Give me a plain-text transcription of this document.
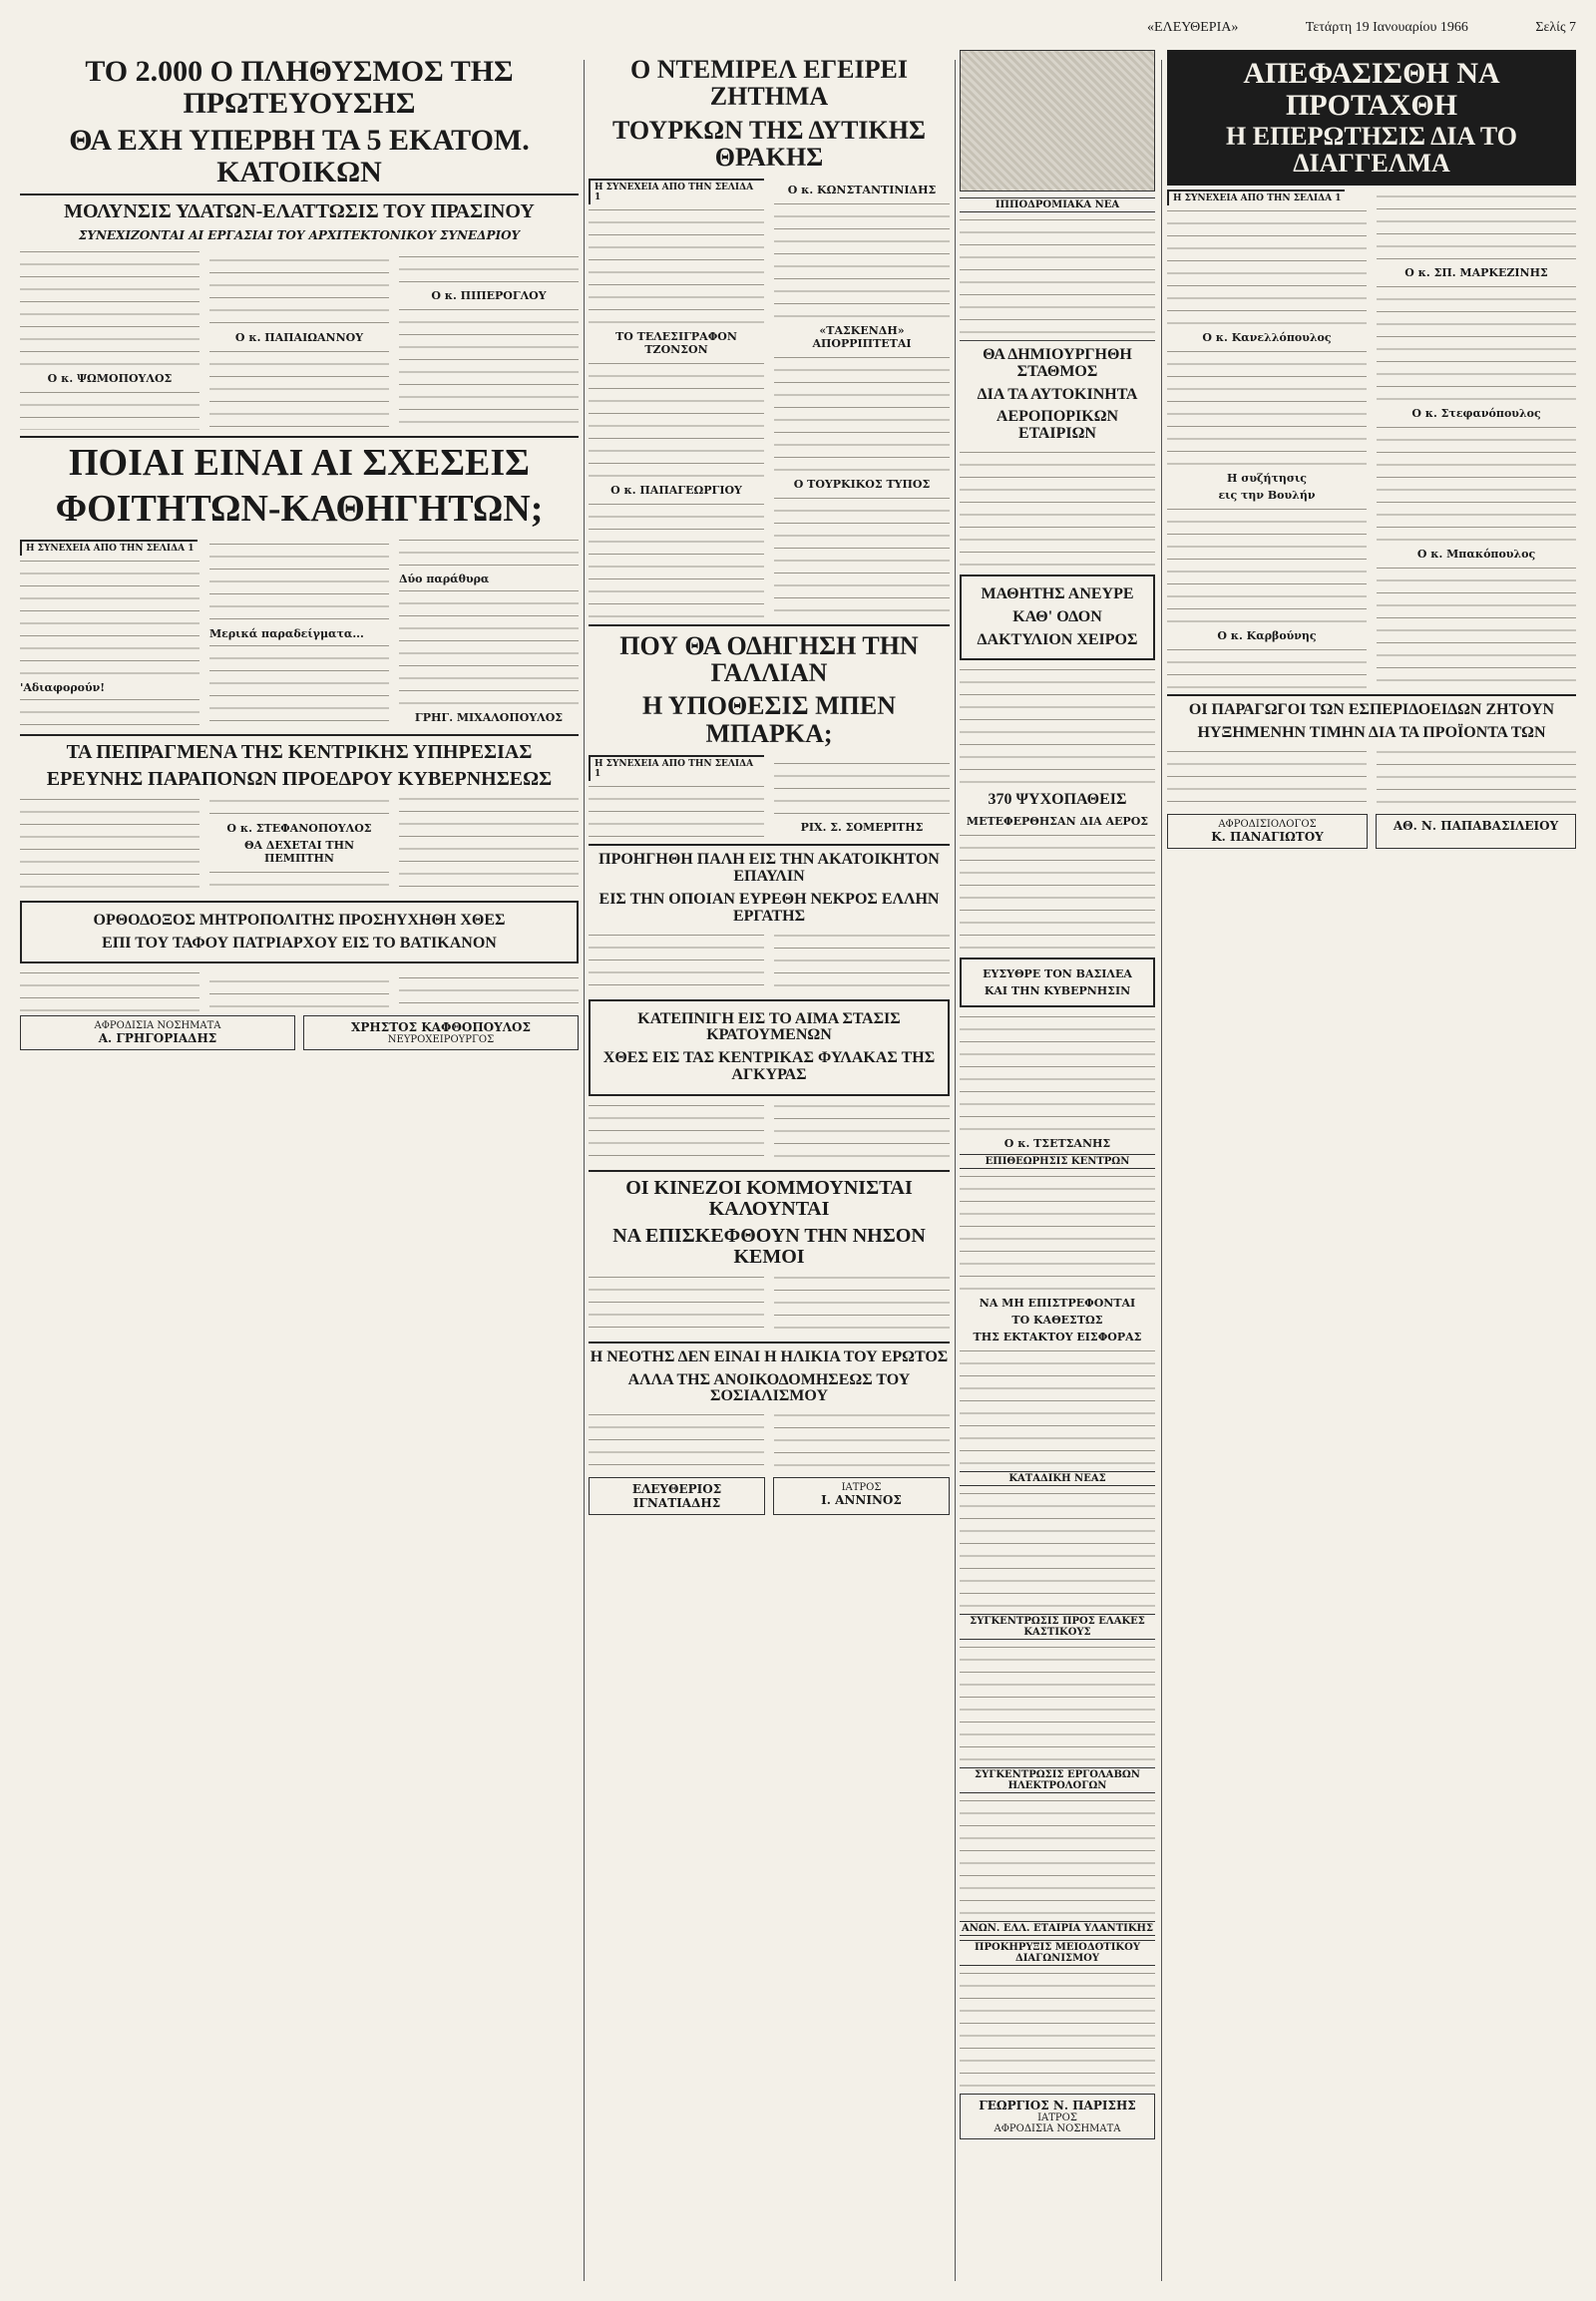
«ΕΛΕΥΘΕΡΙΑ»	Τετάρτη 19 Ιανουαρίου 1966	Σελίς 7
ΤΟ 2.000 Ο ΠΛΗΘΥΣΜΟΣ ΤΗΣ ΠΡΩΤΕΥΟΥΣΗΣ
ΘΑ ΕΧΗ ΥΠΕΡΒΗ ΤΑ 5 ΕΚΑΤΟΜ. ΚΑΤΟΙΚΩΝ
ΜΟΛΥΝΣΙΣ ΥΔΑΤΩΝ-ΕΛΑΤΤΩΣΙΣ ΤΟΥ ΠΡΑΣΙΝΟΥ
ΣΥΝΕΧΙΖΟΝΤΑΙ ΑΙ ΕΡΓΑΣΙΑΙ ΤΟΥ ΑΡΧΙΤΕΚΤΟΝΙΚΟΥ ΣΥΝΕΔΡΙΟΥ

Ο κ. ΨΩΜΟΠΟΥΛΟΣ

Ο κ. ΠΑΠΑΙΩΑΝΝΟΥ

Ο κ. ΠΙΠΕΡΟΓΛΟΥ

ΠΟΙΑΙ ΕΙΝΑΙ ΑΙ ΣΧΕΣΕΙΣ
ΦΟΙΤΗΤΩΝ-ΚΑΘΗΓΗΤΩΝ;
Η ΣΥΝΕΧΕΙΑ ΑΠΟ ΤΗΝ ΣΕΛΙΔΑ 1

'Αδιαφορούν!

Μερικά παραδείγματα...

Δύο παράθυρα

ΓΡΗΓ. ΜΙΧΑΛΟΠΟΥΛΟΣ
ΤΑ ΠΕΠΡΑΓΜΕΝΑ ΤΗΣ ΚΕΝΤΡΙΚΗΣ ΥΠΗΡΕΣΙΑΣ
ΕΡΕΥΝΗΣ ΠΑΡΑΠΟΝΩΝ ΠΡΟΕΔΡΟΥ ΚΥΒΕΡΝΗΣΕΩΣ

Ο κ. ΣΤΕΦΑΝΟΠΟΥΛΟΣ
ΘΑ ΔΕΧΕΤΑΙ ΤΗΝ ΠΕΜΠΤΗΝ

ΟΡΘΟΔΟΞΟΣ ΜΗΤΡΟΠΟΛΙΤΗΣ ΠΡΟΣΗΥΧΗΘΗ ΧΘΕΣ
ΕΠΙ ΤΟΥ ΤΑΦΟΥ ΠΑΤΡΙΑΡΧΟΥ ΕΙΣ ΤΟ ΒΑΤΙΚΑΝΟΝ

ΑΦΡΟΔΙΣΙΑ ΝΟΣΗΜΑΤΑ
Α. ΓΡΗΓΟΡΙΑΔΗΣ
ΧΡΗΣΤΟΣ ΚΑΦΘΟΠΟΥΛΟΣ
ΝΕΥΡΟΧΕΙΡΟΥΡΓΟΣ
Ο ΝΤΕΜΙΡΕΛ ΕΓΕΙΡΕΙ ΖΗΤΗΜΑ
ΤΟΥΡΚΩΝ ΤΗΣ ΔΥΤΙΚΗΣ ΘΡΑΚΗΣ
Η ΣΥΝΕΧΕΙΑ ΑΠΟ ΤΗΝ ΣΕΛΙΔΑ 1

ΤΟ ΤΕΛΕΣΙΓΡΑΦΟΝ ΤΖΟΝΣΟΝ

Ο κ. ΠΑΠΑΓΕΩΡΓΙΟΥ

Ο κ. ΚΩΝΣΤΑΝΤΙΝΙΔΗΣ

«ΤΑΣΚΕΝΔΗ» ΑΠΟΡΡΙΠΤΕΤΑΙ

Ο ΤΟΥΡΚΙΚΟΣ ΤΥΠΟΣ

ΠΟΥ ΘΑ ΟΔΗΓΗΣΗ ΤΗΝ ΓΑΛΛΙΑΝ
Η ΥΠΟΘΕΣΙΣ ΜΠΕΝ ΜΠΑΡΚΑ;
Η ΣΥΝΕΧΕΙΑ ΑΠΟ ΤΗΝ ΣΕΛΙΔΑ 1

ΡΙΧ. Σ. ΣΟΜΕΡΙΤΗΣ
ΠΡΟΗΓΗΘΗ ΠΑΛΗ ΕΙΣ ΤΗΝ ΑΚΑΤΟΙΚΗΤΟΝ ΕΠΑΥΛΙΝ
ΕΙΣ ΤΗΝ ΟΠΟΙΑΝ ΕΥΡΕΘΗ ΝΕΚΡΟΣ ΕΛΛΗΝ ΕΡΓΑΤΗΣ

ΚΑΤΕΠΝΙΓΗ ΕΙΣ ΤΟ ΑΙΜΑ ΣΤΑΣΙΣ ΚΡΑΤΟΥΜΕΝΩΝ
ΧΘΕΣ ΕΙΣ ΤΑΣ ΚΕΝΤΡΙΚΑΣ ΦΥΛΑΚΑΣ ΤΗΣ ΑΓΚΥΡΑΣ

ΟΙ ΚΙΝΕΖΟΙ ΚΟΜΜΟΥΝΙΣΤΑΙ ΚΑΛΟΥΝΤΑΙ
ΝΑ ΕΠΙΣΚΕΦΘΟΥΝ ΤΗΝ ΝΗΣΟΝ ΚΕΜΟΙ

Η ΝΕΟΤΗΣ ΔΕΝ ΕΙΝΑΙ Η ΗΛΙΚΙΑ ΤΟΥ ΕΡΩΤΟΣ
ΑΛΛΑ ΤΗΣ ΑΝΟΙΚΟΔΟΜΗΣΕΩΣ ΤΟΥ ΣΟΣΙΑΛΙΣΜΟΥ

ΕΛΕΥΘΕΡΙΟΣ ΙΓΝΑΤΙΑΔΗΣ
ΙΑΤΡΟΣ
Ι. ΑΝΝΙΝΟΣ
ΙΠΠΟΔΡΟΜΙΑΚΑ ΝΕΑ

ΘΑ ΔΗΜΙΟΥΡΓΗΘΗ ΣΤΑΘΜΟΣ
ΔΙΑ ΤΑ ΑΥΤΟΚΙΝΗΤΑ
ΑΕΡΟΠΟΡΙΚΩΝ ΕΤΑΙΡΙΩΝ

ΜΑΘΗΤΗΣ ΑΝΕΥΡΕ
ΚΑΘ' ΟΔΟΝ
ΔΑΚΤΥΛΙΟΝ ΧΕΙΡΟΣ

370 ΨΥΧΟΠΑΘΕΙΣ
ΜΕΤΕΦΕΡΘΗΣΑΝ ΔΙΑ ΑΕΡΟΣ

ΕΥΣΥΘΡΕ ΤΟΝ ΒΑΣΙΛΕΑ
ΚΑΙ ΤΗΝ ΚΥΒΕΡΝΗΣΙΝ

Ο κ. ΤΣΕΤΣΑΝΗΣ
ΕΠΙΘΕΩΡΗΣΙΣ ΚΕΝΤΡΩΝ

ΝΑ ΜΗ ΕΠΙΣΤΡΕΦΟΝΤΑΙ
ΤΟ ΚΑΘΕΣΤΩΣ
ΤΗΣ ΕΚΤΑΚΤΟΥ ΕΙΣΦΟΡΑΣ

ΚΑΤΑΔΙΚΗ ΝΕΑΣ

ΣΥΓΚΕΝΤΡΩΣΙΣ ΠΡΟΣ ΕΛΑΚΕΣ ΚΑΣΤΙΚΟΥΣ

ΣΥΓΚΕΝΤΡΩΣΙΣ ΕΡΓΟΛΑΒΩΝ ΗΛΕΚΤΡΟΛΟΓΩΝ

ΑΝΩΝ. ΕΛΛ. ΕΤΑΙΡΙΑ ΥΛΑΝΤΙΚΗΣ
ΠΡΟΚΗΡΥΞΙΣ ΜΕΙΟΔΟΤΙΚΟΥ ΔΙΑΓΩΝΙΣΜΟΥ

ΓΕΩΡΓΙΟΣ Ν. ΠΑΡΙΣΗΣ
ΙΑΤΡΟΣ
ΑΦΡΟΔΙΣΙΑ ΝΟΣΗΜΑΤΑ
ΑΠΕΦΑΣΙΣΘΗ ΝΑ ΠΡΟΤΑΧΘΗ
Η ΕΠΕΡΩΤΗΣΙΣ ΔΙΑ ΤΟ ΔΙΑΓΓΕΛΜΑ
Η ΣΥΝΕΧΕΙΑ ΑΠΟ ΤΗΝ ΣΕΛΙΔΑ 1

Ο κ. Κανελλόπουλος

Η συζήτησις
εις την Βουλήν

Ο κ. Καρβούνης

Ο κ. ΣΠ. ΜΑΡΚΕΖΙΝΗΣ

Ο κ. Στεφανόπουλος

Ο κ. Μπακόπουλος

ΟΙ ΠΑΡΑΓΩΓΟΙ ΤΩΝ ΕΣΠΕΡΙΔΟΕΙΔΩΝ ΖΗΤΟΥΝ
ΗΥΞΗΜΕΝΗΝ ΤΙΜΗΝ ΔΙΑ ΤΑ ΠΡΟΪΟΝΤΑ ΤΩΝ

ΑΦΡΟΔΙΣΙΟΛΟΓΟΣ
Κ. ΠΑΝΑΓΙΩΤΟΥ
ΑΘ. Ν. ΠΑΠΑΒΑΣΙΛΕΙΟΥ
